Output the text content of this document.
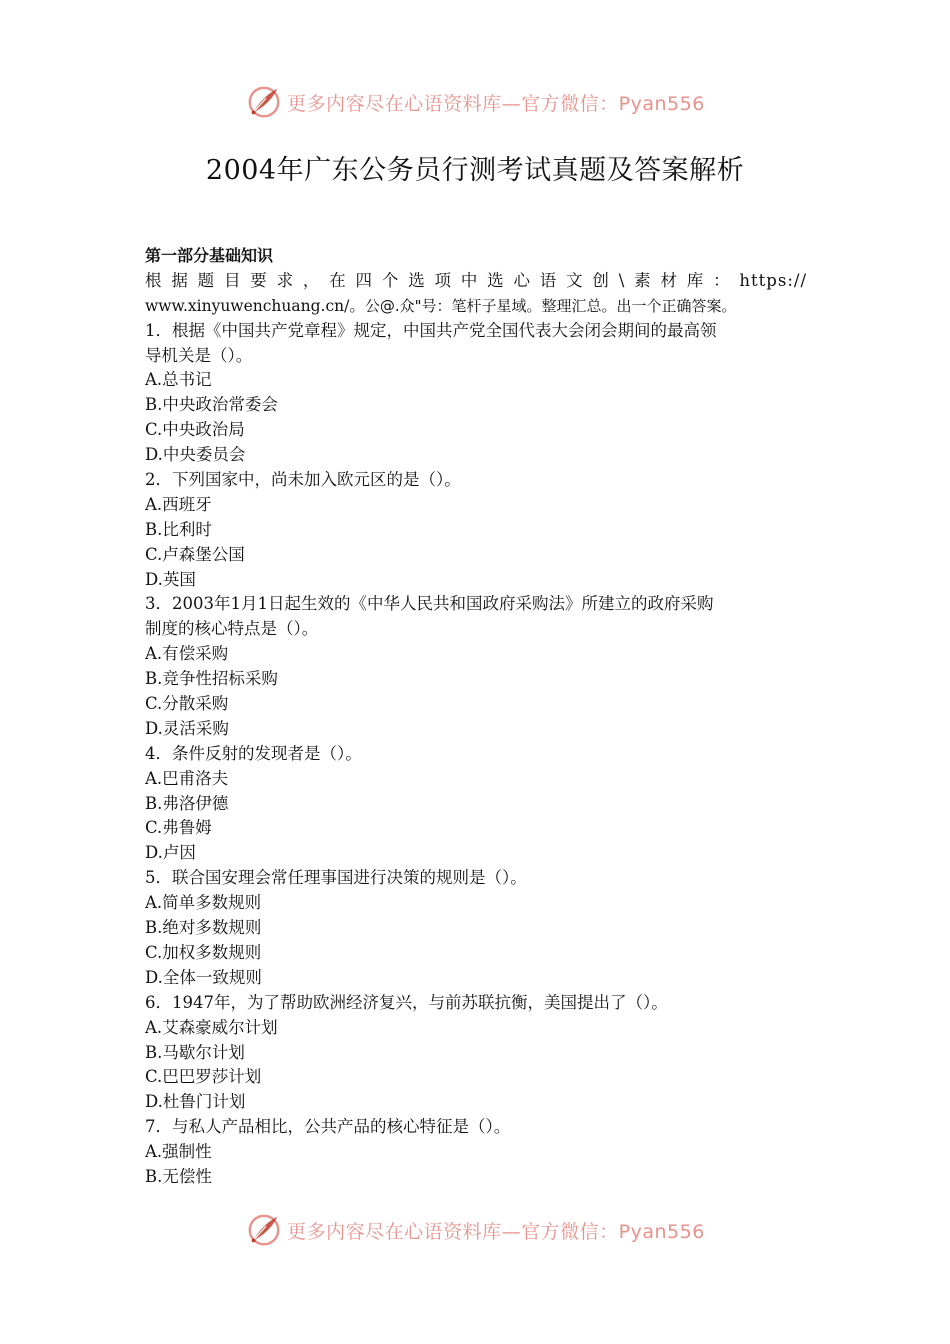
更多内容尽在心语资料库—官方微信：Pyan556
2004年广东公务员行测考试真题及答案解析
第一部分基础知识
根据题目要求，在四个选项中选心语文创\素材库：https://
www.xinyuwenchuang.cn/。公@.众"号：笔杆子星域。整理汇总。出一个正确答案。
1．根据《中国共产党章程》规定，中国共产党全国代表大会闭会期间的最高领
导机关是（）。
A.总书记
B.中央政治常委会
C.中央政治局
D.中央委员会
2．下列国家中，尚未加入欧元区的是（）。
A.西班牙
B.比利时
C.卢森堡公国
D.英国
3．2003年1月1日起生效的《中华人民共和国政府采购法》所建立的政府采购
制度的核心特点是（）。
A.有偿采购
B.竞争性招标采购
C.分散采购
D.灵活采购
4．条件反射的发现者是（）。
A.巴甫洛夫
B.弗洛伊德
C.弗鲁姆
D.卢因
5．联合国安理会常任理事国进行决策的规则是（）。
A.简单多数规则
B.绝对多数规则
C.加权多数规则
D.全体一致规则
6．1947年，为了帮助欧洲经济复兴，与前苏联抗衡，美国提出了（）。
A.艾森豪威尔计划
B.马歇尔计划
C.巴巴罗莎计划
D.杜鲁门计划
7．与私人产品相比，公共产品的核心特征是（）。
A.强制性
B.无偿性
更多内容尽在心语资料库—官方微信：Pyan556
